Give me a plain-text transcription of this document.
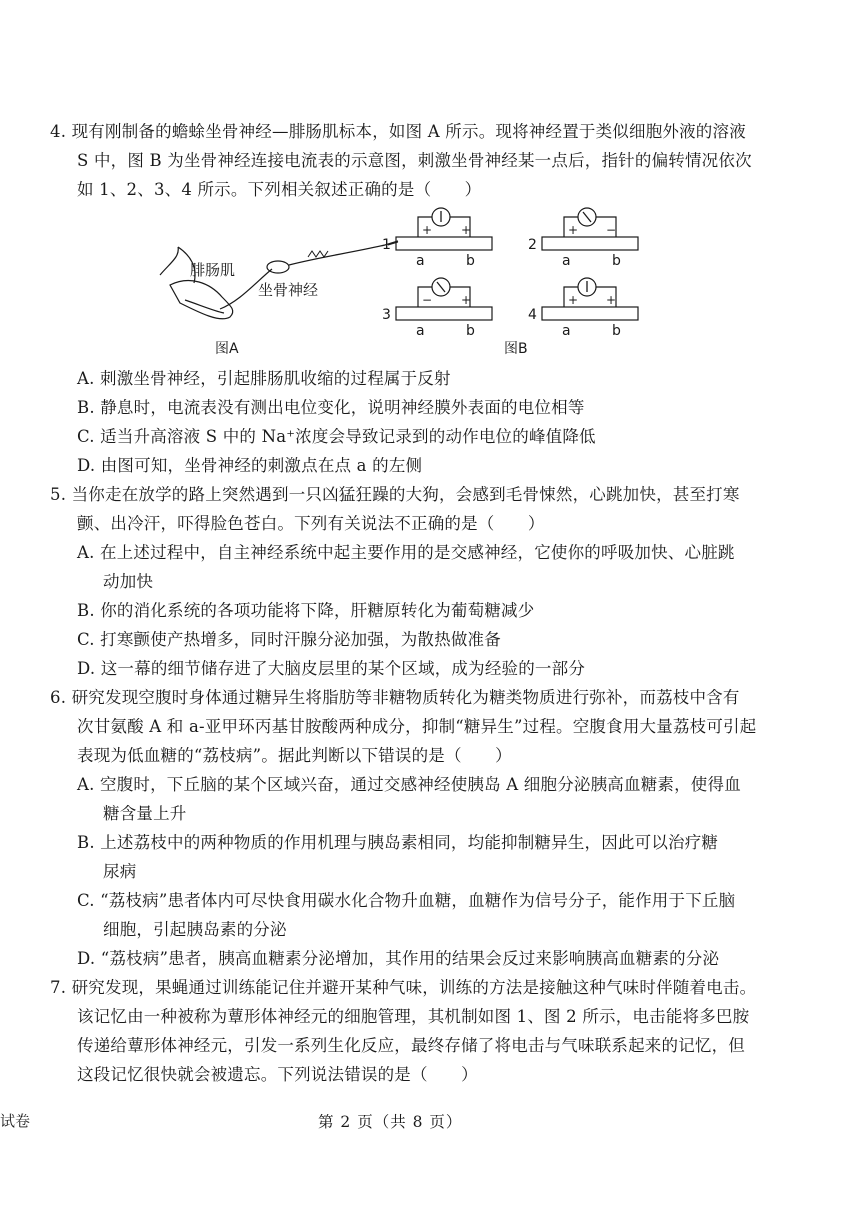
4. 现有刚制备的蟾蜍坐骨神经—腓肠肌标本，如图 A 所示。现将神经置于类似细胞外液的溶液
S 中，图 B 为坐骨神经连接电流表的示意图，刺激坐骨神经某一点后，指针的偏转情况依次
如 1、2、3、4 所示。下列相关叙述正确的是（　　）
腓肠肌
坐骨神经
图A
1
+ +
a	b
2
+ −
a	b
3
− +
a	b
4
+ +
a	b
图B
A. 刺激坐骨神经，引起腓肠肌收缩的过程属于反射
B. 静息时，电流表没有测出电位变化，说明神经膜外表面的电位相等
C. 适当升高溶液 S 中的 Na⁺浓度会导致记录到的动作电位的峰值降低
D. 由图可知，坐骨神经的刺激点在点 a 的左侧
5. 当你走在放学的路上突然遇到一只凶猛狂躁的大狗，会感到毛骨悚然，心跳加快，甚至打寒
颤、出冷汗，吓得脸色苍白。下列有关说法不正确的是（　　）
A. 在上述过程中，自主神经系统中起主要作用的是交感神经，它使你的呼吸加快、心脏跳
动加快
B. 你的消化系统的各项功能将下降，肝糖原转化为葡萄糖减少
C. 打寒颤使产热增多，同时汗腺分泌加强，为散热做准备
D. 这一幕的细节储存进了大脑皮层里的某个区域，成为经验的一部分
6. 研究发现空腹时身体通过糖异生将脂肪等非糖物质转化为糖类物质进行弥补，而荔枝中含有
次甘氨酸 A 和 a-亚甲环丙基甘胺酸两种成分，抑制“糖异生”过程。空腹食用大量荔枝可引起
表现为低血糖的“荔枝病”。据此判断以下错误的是（　　）
A. 空腹时，下丘脑的某个区域兴奋，通过交感神经使胰岛 A 细胞分泌胰高血糖素，使得血
糖含量上升
B. 上述荔枝中的两种物质的作用机理与胰岛素相同，均能抑制糖异生，因此可以治疗糖
尿病
C. “荔枝病”患者体内可尽快食用碳水化合物升血糖，血糖作为信号分子，能作用于下丘脑
细胞，引起胰岛素的分泌
D. “荔枝病”患者，胰高血糖素分泌增加，其作用的结果会反过来影响胰高血糖素的分泌
7. 研究发现，果蝇通过训练能记住并避开某种气味，训练的方法是接触这种气味时伴随着电击。
该记忆由一种被称为蕈形体神经元的细胞管理，其机制如图 1、图 2 所示，电击能将多巴胺
传递给蕈形体神经元，引发一系列生化反应，最终存储了将电击与气味联系起来的记忆，但
这段记忆很快就会被遗忘。下列说法错误的是（　　）
试卷	第 2 页（共 8 页）
